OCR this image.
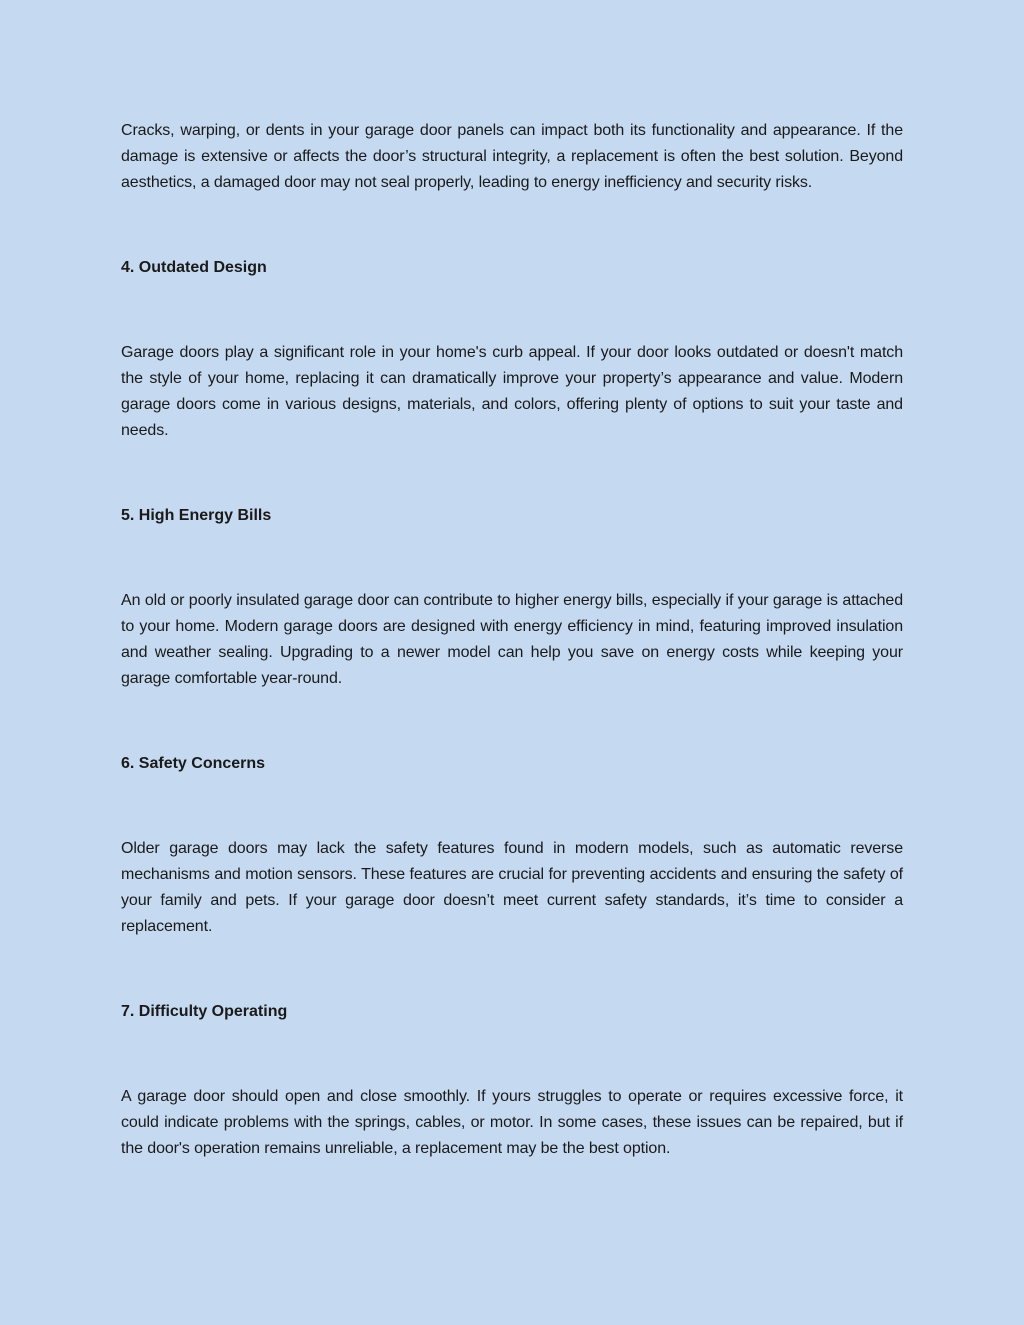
Cracks, warping, or dents in your garage door panels can impact both its functionality and appearance. If the damage is extensive or affects the door’s structural integrity, a replacement is often the best solution. Beyond aesthetics, a damaged door may not seal properly, leading to energy inefficiency and security risks.

4. Outdated Design

Garage doors play a significant role in your home's curb appeal. If your door looks outdated or doesn't match the style of your home, replacing it can dramatically improve your property’s appearance and value. Modern garage doors come in various designs, materials, and colors, offering plenty of options to suit your taste and needs.

5. High Energy Bills

An old or poorly insulated garage door can contribute to higher energy bills, especially if your garage is attached to your home. Modern garage doors are designed with energy efficiency in mind, featuring improved insulation and weather sealing. Upgrading to a newer model can help you save on energy costs while keeping your garage comfortable year-round.

6. Safety Concerns

Older garage doors may lack the safety features found in modern models, such as automatic reverse mechanisms and motion sensors. These features are crucial for preventing accidents and ensuring the safety of your family and pets. If your garage door doesn’t meet current safety standards, it’s time to consider a replacement.

7. Difficulty Operating

A garage door should open and close smoothly. If yours struggles to operate or requires excessive force, it could indicate problems with the springs, cables, or motor. In some cases, these issues can be repaired, but if the door's operation remains unreliable, a replacement may be the best option.
